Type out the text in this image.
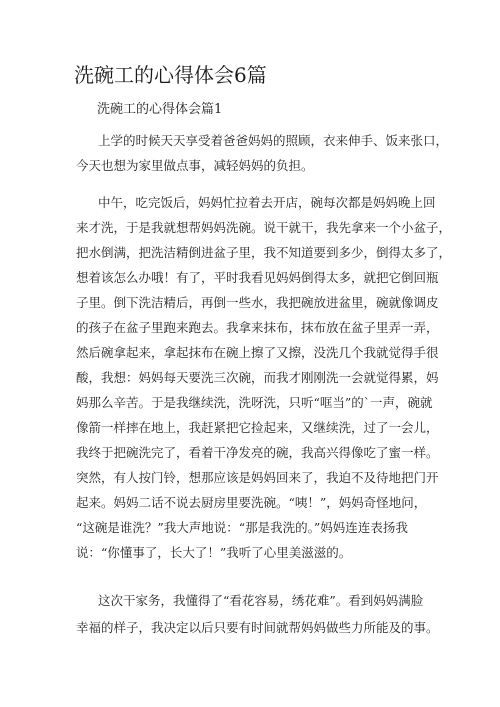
洗碗工的心得体会6篇
洗碗工的心得体会篇1
上学的时候天天享受着爸爸妈妈的照顾，衣来伸手、饭来张口，
今天也想为家里做点事，减轻妈妈的负担。
中午，吃完饭后，妈妈忙拉着去开店，碗每次都是妈妈晚上回
来才洗，于是我就想帮妈妈洗碗。说干就干，我先拿来一个小盆子，
把水倒满，把洗洁精倒进盆子里，我不知道要到多少，倒得太多了，
想着该怎么办哦！有了，平时我看见妈妈倒得太多，就把它倒回瓶
子里。倒下洗洁精后，再倒一些水，我把碗放进盆里，碗就像调皮
的孩子在盆子里跑来跑去。我拿来抹布，抹布放在盆子里弄一弄，
然后碗拿起来，拿起抹布在碗上擦了又擦，没洗几个我就觉得手很
酸，我想：妈妈每天要洗三次碗，而我才刚刚洗一会就觉得累，妈
妈那么辛苦。于是我继续洗，洗呀洗，只听“哐当”的`一声，碗就
像箭一样摔在地上，我赶紧把它捡起来，又继续洗，过了一会儿，
我终于把碗洗完了，看着干净发亮的碗，我高兴得像吃了蜜一样。
突然，有人按门铃，想那应该是妈妈回来了，我迫不及待地把门开
起来。妈妈二话不说去厨房里要洗碗。“咦！”，妈妈奇怪地问，
“这碗是谁洗？”我大声地说：“那是我洗的。”妈妈连连表扬我
说：“你懂事了，长大了！”我听了心里美滋滋的。
这次干家务，我懂得了“看花容易，绣花难”。看到妈妈满脸
幸福的样子，我决定以后只要有时间就帮妈妈做些力所能及的事。
